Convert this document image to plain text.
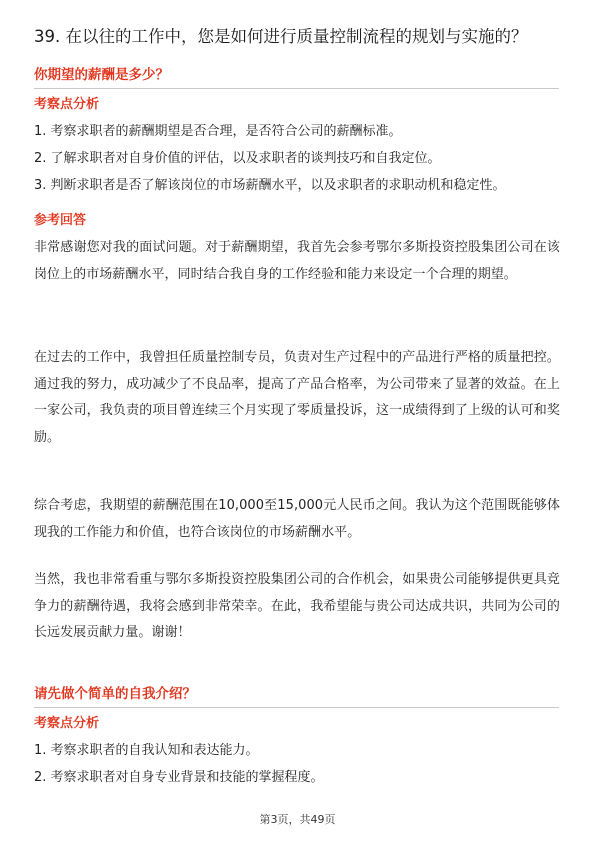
39. 在以往的工作中，您是如何进行质量控制流程的规划与实施的？
你期望的薪酬是多少？
考察点分析
1. 考察求职者的薪酬期望是否合理，是否符合公司的薪酬标准。
2. 了解求职者对自身价值的评估，以及求职者的谈判技巧和自我定位。
3. 判断求职者是否了解该岗位的市场薪酬水平，以及求职者的求职动机和稳定性。
参考回答
非常感谢您对我的面试问题。对于薪酬期望，我首先会参考鄂尔多斯投资控股集团公司在该岗位上的市场薪酬水平，同时结合我自身的工作经验和能力来设定一个合理的期望。
在过去的工作中，我曾担任质量控制专员，负责对生产过程中的产品进行严格的质量把控。通过我的努力，成功减少了不良品率，提高了产品合格率，为公司带来了显著的效益。在上一家公司，我负责的项目曾连续三个月实现了零质量投诉，这一成绩得到了上级的认可和奖励。
综合考虑，我期望的薪酬范围在10,000至15,000元人民币之间。我认为这个范围既能够体现我的工作能力和价值，也符合该岗位的市场薪酬水平。
当然，我也非常看重与鄂尔多斯投资控股集团公司的合作机会，如果贵公司能够提供更具竞争力的薪酬待遇，我将会感到非常荣幸。在此，我希望能与贵公司达成共识，共同为公司的长远发展贡献力量。谢谢！
请先做个简单的自我介绍？
考察点分析
1. 考察求职者的自我认知和表达能力。
2. 考察求职者对自身专业背景和技能的掌握程度。
第3页，共49页
